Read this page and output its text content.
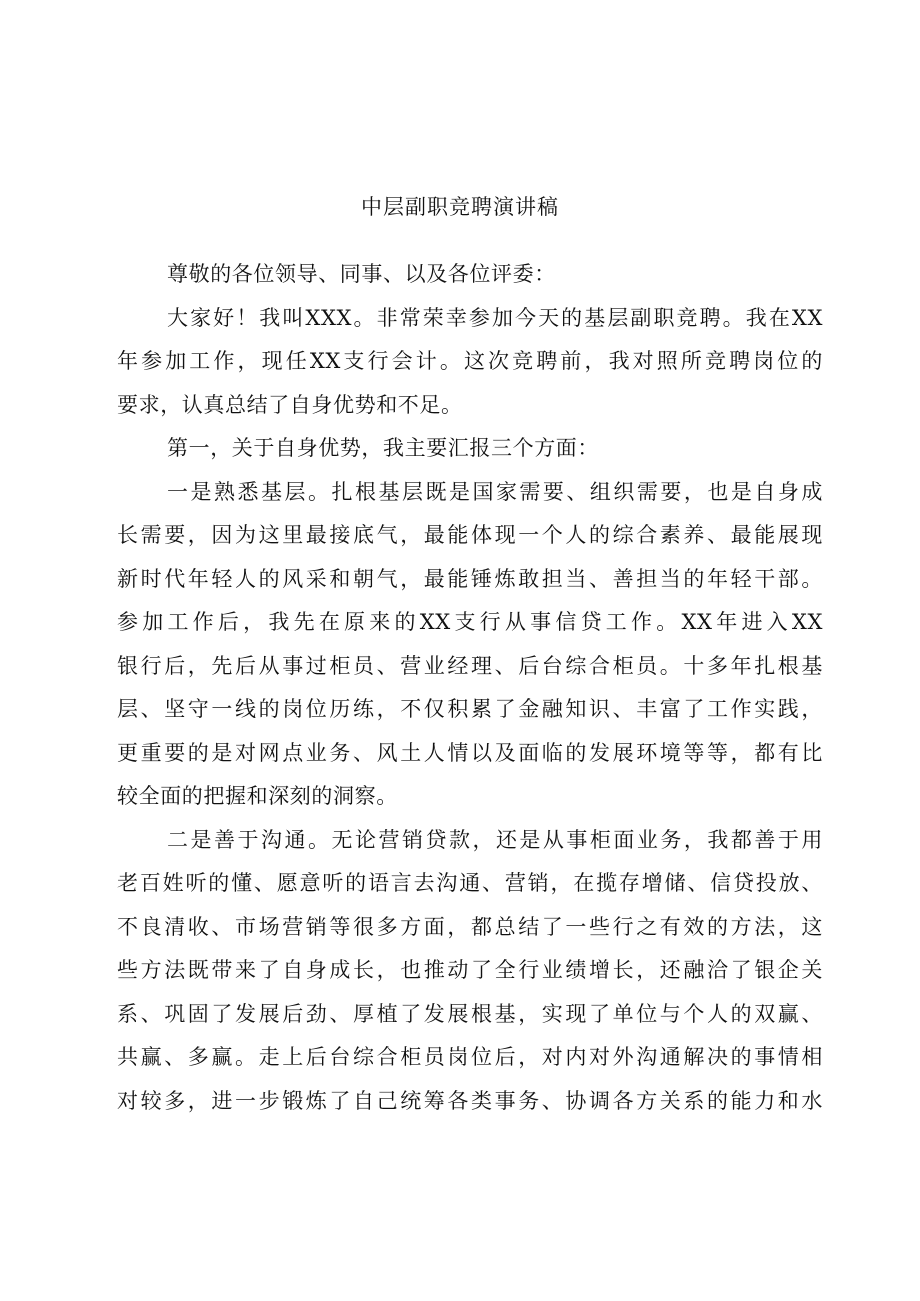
中层副职竞聘演讲稿
尊敬的各位领导、同事、以及各位评委：
大家好！我叫XXX。非常荣幸参加今天的基层副职竞聘。我在XX
年参加工作，现任XX支行会计。这次竞聘前，我对照所竞聘岗位的
要求，认真总结了自身优势和不足。
第一，关于自身优势，我主要汇报三个方面：
一是熟悉基层。扎根基层既是国家需要、组织需要，也是自身成
长需要，因为这里最接底气，最能体现一个人的综合素养、最能展现
新时代年轻人的风采和朝气，最能锤炼敢担当、善担当的年轻干部。
参加工作后，我先在原来的XX支行从事信贷工作。XX年进入XX
银行后，先后从事过柜员、营业经理、后台综合柜员。十多年扎根基
层、坚守一线的岗位历练，不仅积累了金融知识、丰富了工作实践，
更重要的是对网点业务、风土人情以及面临的发展环境等等，都有比
较全面的把握和深刻的洞察。
二是善于沟通。无论营销贷款，还是从事柜面业务，我都善于用
老百姓听的懂、愿意听的语言去沟通、营销，在揽存增储、信贷投放、
不良清收、市场营销等很多方面，都总结了一些行之有效的方法，这
些方法既带来了自身成长，也推动了全行业绩增长，还融洽了银企关
系、巩固了发展后劲、厚植了发展根基，实现了单位与个人的双赢、
共赢、多赢。走上后台综合柜员岗位后，对内对外沟通解决的事情相
对较多，进一步锻炼了自己统筹各类事务、协调各方关系的能力和水
